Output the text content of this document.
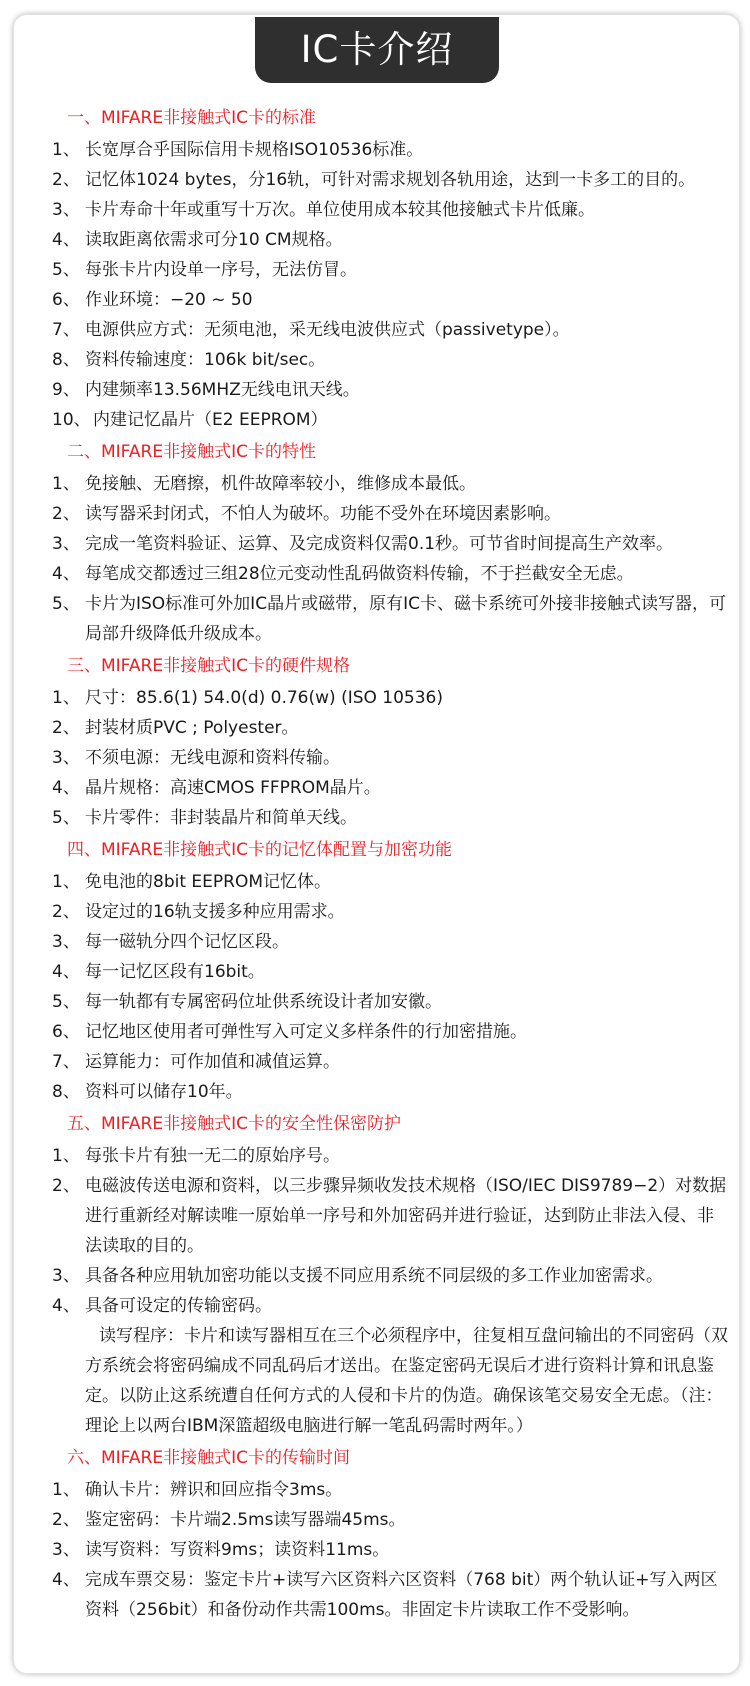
IC卡介绍
一、MIFARE非接触式IC卡的标准
1、 长宽厚合乎国际信用卡规格ISO10536标准。
2、 记忆体1024 bytes，分16轨，可针对需求规划各轨用途，达到一卡多工的目的。
3、 卡片寿命十年或重写十万次。单位使用成本较其他接触式卡片低廉。
4、 读取距离依需求可分10 CM规格。
5、 每张卡片内设单一序号，无法仿冒。
6、 作业环境：−20 ~ 50
7、 电源供应方式：无须电池，采无线电波供应式（passivetype）。
8、 资料传输速度：106k bit/sec。
9、 内建频率13.56MHZ无线电讯天线。
10、 内建记忆晶片（E2 EEPROM）
二、MIFARE非接触式IC卡的特性
1、 免接触、无磨擦，机件故障率较小，维修成本最低。
2、 读写器采封闭式，不怕人为破坏。功能不受外在环境因素影响。
3、 完成一笔资料验证、运算、及完成资料仅需0.1秒。可节省时间提高生产效率。
4、 每笔成交都透过三组28位元变动性乱码做资料传输，不于拦截安全无虑。
5、 卡片为ISO标准可外加IC晶片或磁带，原有IC卡、磁卡系统可外接非接触式读写器，可局部升级降低升级成本。
三、MIFARE非接触式IC卡的硬件规格
1、 尺寸：85.6(1) 54.0(d) 0.76(w) (ISO 10536)
2、 封装材质PVC ; Polyester。
3、 不须电源：无线电源和资料传输。
4、 晶片规格：高速CMOS FFPROM晶片。
5、 卡片零件：非封装晶片和简单天线。
四、MIFARE非接触式IC卡的记忆体配置与加密功能
1、 免电池的8bit EEPROM记忆体。
2、 设定过的16轨支援多种应用需求。
3、 每一磁轨分四个记忆区段。
4、 每一记忆区段有16bit。
5、 每一轨都有专属密码位址供系统设计者加安徽。
6、 记忆地区使用者可弹性写入可定义多样条件的行加密措施。
7、 运算能力：可作加值和减值运算。
8、 资料可以储存10年。
五、MIFARE非接触式IC卡的安全性保密防护
1、 每张卡片有独一无二的原始序号。
2、 电磁波传送电源和资料，以三步骤异频收发技术规格（ISO/IEC DIS9789−2）对数据进行重新经对解读唯一原始单一序号和外加密码并进行验证，达到防止非法入侵、非法读取的目的。
3、 具备各种应用轨加密功能以支援不同应用系统不同层级的多工作业加密需求。
4、 具备可设定的传输密码。
读写程序：卡片和读写器相互在三个必须程序中，往复相互盘问输出的不同密码（双方系统会将密码编成不同乱码后才送出。在鉴定密码无误后才进行资料计算和讯息鉴定。以防止这系统遭自任何方式的人侵和卡片的伪造。确保该笔交易安全无虑。（注：理论上以两台IBM深篮超级电脑进行解一笔乱码需时两年。）
六、MIFARE非接触式IC卡的传输时间
1、 确认卡片：辨识和回应指令3ms。
2、 鉴定密码：卡片端2.5ms读写器端45ms。
3、 读写资料：写资料9ms；读资料11ms。
4、 完成车票交易：鉴定卡片+读写六区资料六区资料（768 bit）两个轨认证+写入两区资料（256bit）和备份动作共需100ms。非固定卡片读取工作不受影响。
